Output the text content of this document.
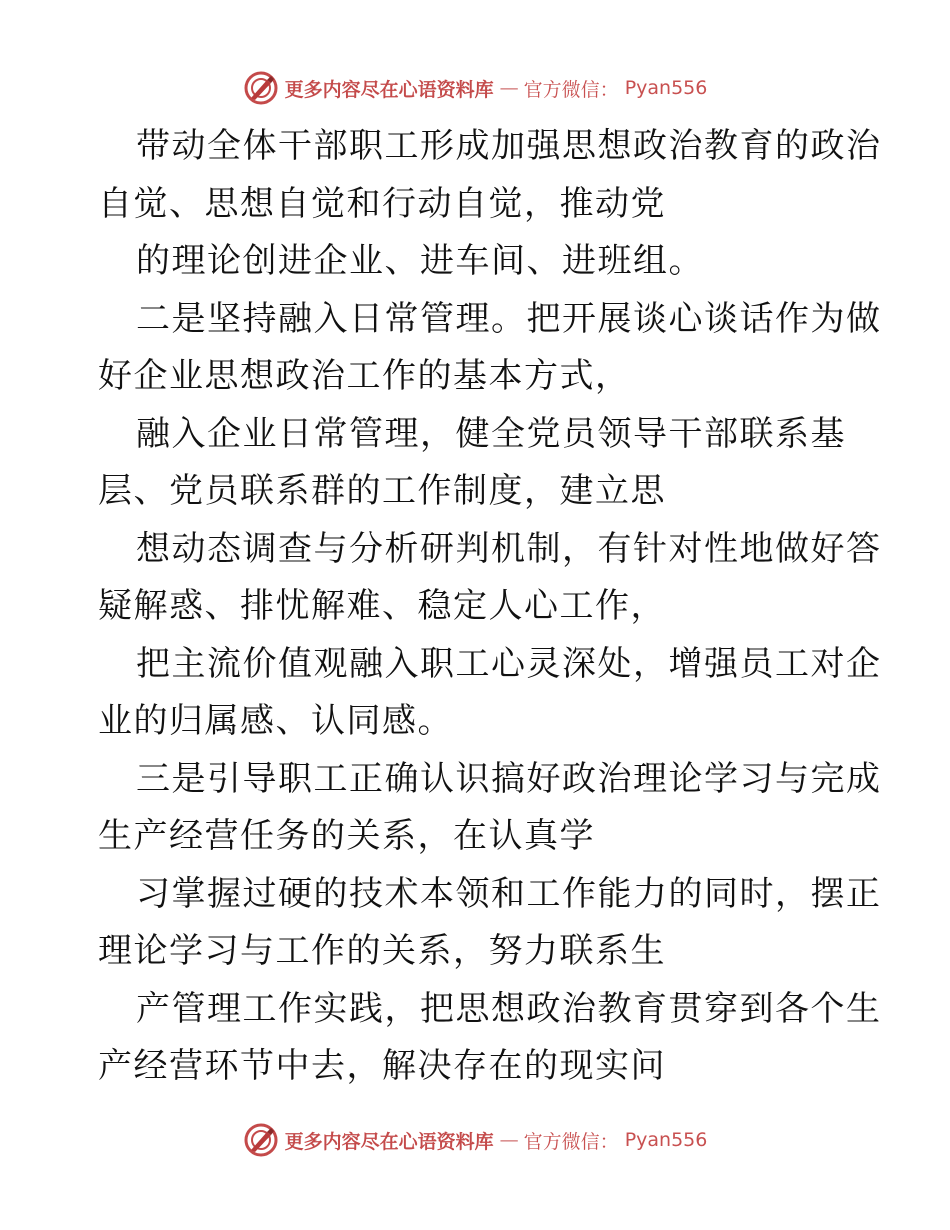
更多内容尽在心语资料库 — 官方微信： Pyan556
带动全体干部职工形成加强思想政治教育的政治
自觉、思想自觉和行动自觉，推动党
的理论创进企业、进车间、进班组。
二是坚持融入日常管理。把开展谈心谈话作为做
好企业思想政治工作的基本方式，
融入企业日常管理，健全党员领导干部联系基
层、党员联系群的工作制度，建立思
想动态调查与分析研判机制，有针对性地做好答
疑解惑、排忧解难、稳定人心工作，
把主流价值观融入职工心灵深处，增强员工对企
业的归属感、认同感。
三是引导职工正确认识搞好政治理论学习与完成
生产经营任务的关系，在认真学
习掌握过硬的技术本领和工作能力的同时，摆正
理论学习与工作的关系，努力联系生
产管理工作实践，把思想政治教育贯穿到各个生
产经营环节中去，解决存在的现实问
更多内容尽在心语资料库 — 官方微信： Pyan556
